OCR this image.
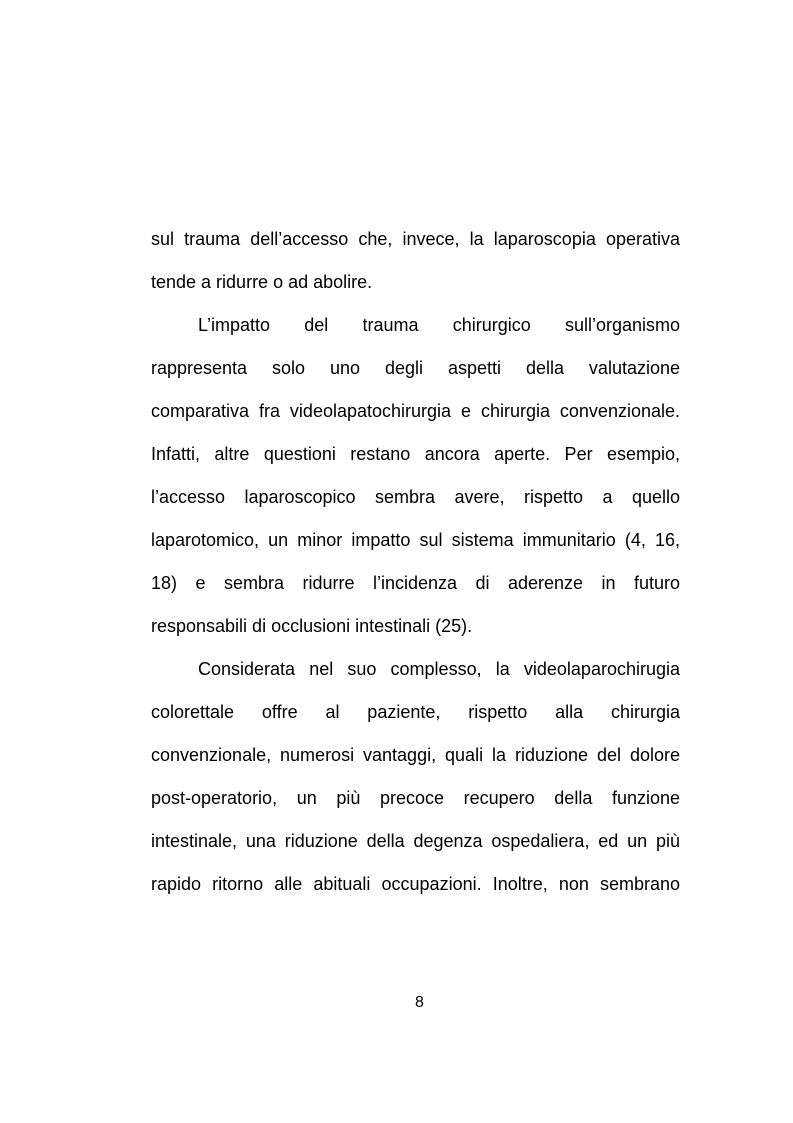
sul trauma dell’accesso che, invece, la laparoscopia operativa
tende a ridurre o ad abolire.
L’impatto del trauma chirurgico sull’organismo
rappresenta solo uno degli aspetti della valutazione
comparativa fra videolapatochirurgia e chirurgia convenzionale.
Infatti, altre questioni restano ancora aperte. Per esempio,
l’accesso laparoscopico sembra avere, rispetto a quello
laparotomico, un minor impatto sul sistema immunitario (4, 16,
18) e sembra ridurre l’incidenza di aderenze in futuro
responsabili di occlusioni intestinali (25).
Considerata nel suo complesso, la videolaparochirugia
colorettale offre al paziente, rispetto alla chirurgia
convenzionale, numerosi vantaggi, quali la riduzione del dolore
post-operatorio, un più precoce recupero della funzione
intestinale, una riduzione della degenza ospedaliera, ed un più
rapido ritorno alle abituali occupazioni. Inoltre, non sembrano
8
